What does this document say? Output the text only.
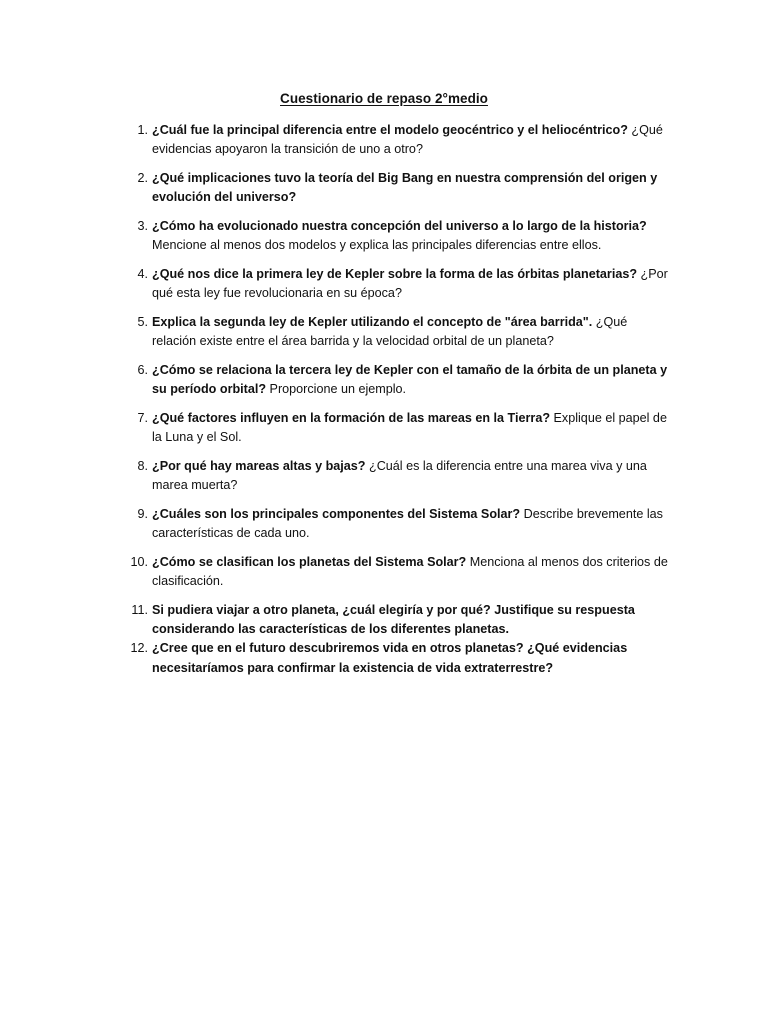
Cuestionario de repaso 2°medio
1. ¿Cuál fue la principal diferencia entre el modelo geocéntrico y el heliocéntrico? ¿Qué evidencias apoyaron la transición de uno a otro?
2. ¿Qué implicaciones tuvo la teoría del Big Bang en nuestra comprensión del origen y evolución del universo?
3. ¿Cómo ha evolucionado nuestra concepción del universo a lo largo de la historia? Mencione al menos dos modelos y explica las principales diferencias entre ellos.
4. ¿Qué nos dice la primera ley de Kepler sobre la forma de las órbitas planetarias? ¿Por qué esta ley fue revolucionaria en su época?
5. Explica la segunda ley de Kepler utilizando el concepto de "área barrida". ¿Qué relación existe entre el área barrida y la velocidad orbital de un planeta?
6. ¿Cómo se relaciona la tercera ley de Kepler con el tamaño de la órbita de un planeta y su período orbital? Proporcione un ejemplo.
7. ¿Qué factores influyen en la formación de las mareas en la Tierra? Explique el papel de la Luna y el Sol.
8. ¿Por qué hay mareas altas y bajas? ¿Cuál es la diferencia entre una marea viva y una marea muerta?
9. ¿Cuáles son los principales componentes del Sistema Solar? Describe brevemente las características de cada uno.
10. ¿Cómo se clasifican los planetas del Sistema Solar? Menciona al menos dos criterios de clasificación.
11. Si pudiera viajar a otro planeta, ¿cuál elegiría y por qué? Justifique su respuesta considerando las características de los diferentes planetas.
12. ¿Cree que en el futuro descubriremos vida en otros planetas? ¿Qué evidencias necesitaríamos para confirmar la existencia de vida extraterrestre?
